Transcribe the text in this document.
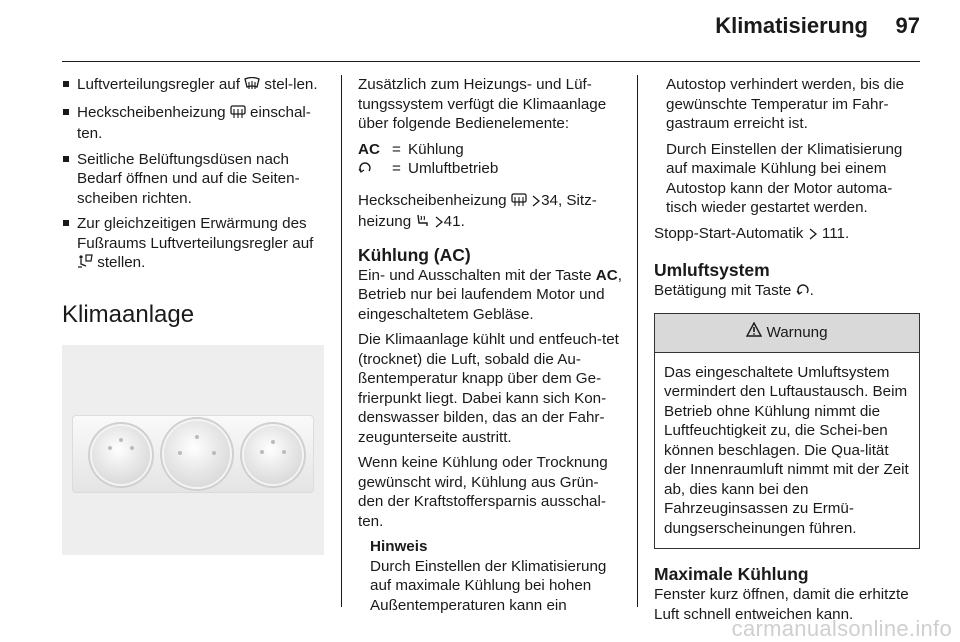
Klimatisierung 97
Luftverteilungsregler auf  stel-len.
Heckscheibenheizung  einschal-ten.
Seitliche Belüftungsdüsen nach Bedarf öffnen und auf die Seiten-scheiben richten.
Zur gleichzeitigen Erwärmung des Fußraums Luftverteilungsregler auf  stellen.
Klimaanlage

Zusätzlich zum Heizungs- und Lüf-tungssystem verfügt die Klimaanlage über folgende Bedienelemente:

AC = Kühlung
= Umluftbetrieb

Heckscheibenheizung  34, Sitz-heizung  41.

Kühlung (AC)

Ein- und Ausschalten mit der Taste AC, Betrieb nur bei laufendem Motor und eingeschaltetem Gebläse.

Die Klimaanlage kühlt und entfeuch-tet (trocknet) die Luft, sobald die Au-ßentemperatur knapp über dem Ge-frierpunkt liegt. Dabei kann sich Kon-denswasser bilden, das an der Fahr-zeugunterseite austritt.

Wenn keine Kühlung oder Trocknung gewünscht wird, Kühlung aus Grün-den der Kraftstoffersparnis ausschal-ten.

Hinweis
Durch Einstellen der Klimatisierung auf maximale Kühlung bei hohen Außentemperaturen kann ein

Autostop verhindert werden, bis die gewünschte Temperatur im Fahr-gastraum erreicht ist.

Durch Einstellen der Klimatisierung auf maximale Kühlung bei einem Autostop kann der Motor automa-tisch wieder gestartet werden.

Stopp-Start-Automatik  111.

Umluftsystem

Betätigung mit Taste .

Warnung
Das eingeschaltete Umluftsystem vermindert den Luftaustausch. Beim Betrieb ohne Kühlung nimmt die Luftfeuchtigkeit zu, die Schei-ben können beschlagen. Die Qua-lität der Innenraumluft nimmt mit der Zeit ab, dies kann bei den Fahrzeuginsassen zu Ermü-dungserscheinungen führen.
Maximale Kühlung

Fenster kurz öffnen, damit die erhitzte Luft schnell entweichen kann.

carmanualsonline.info
